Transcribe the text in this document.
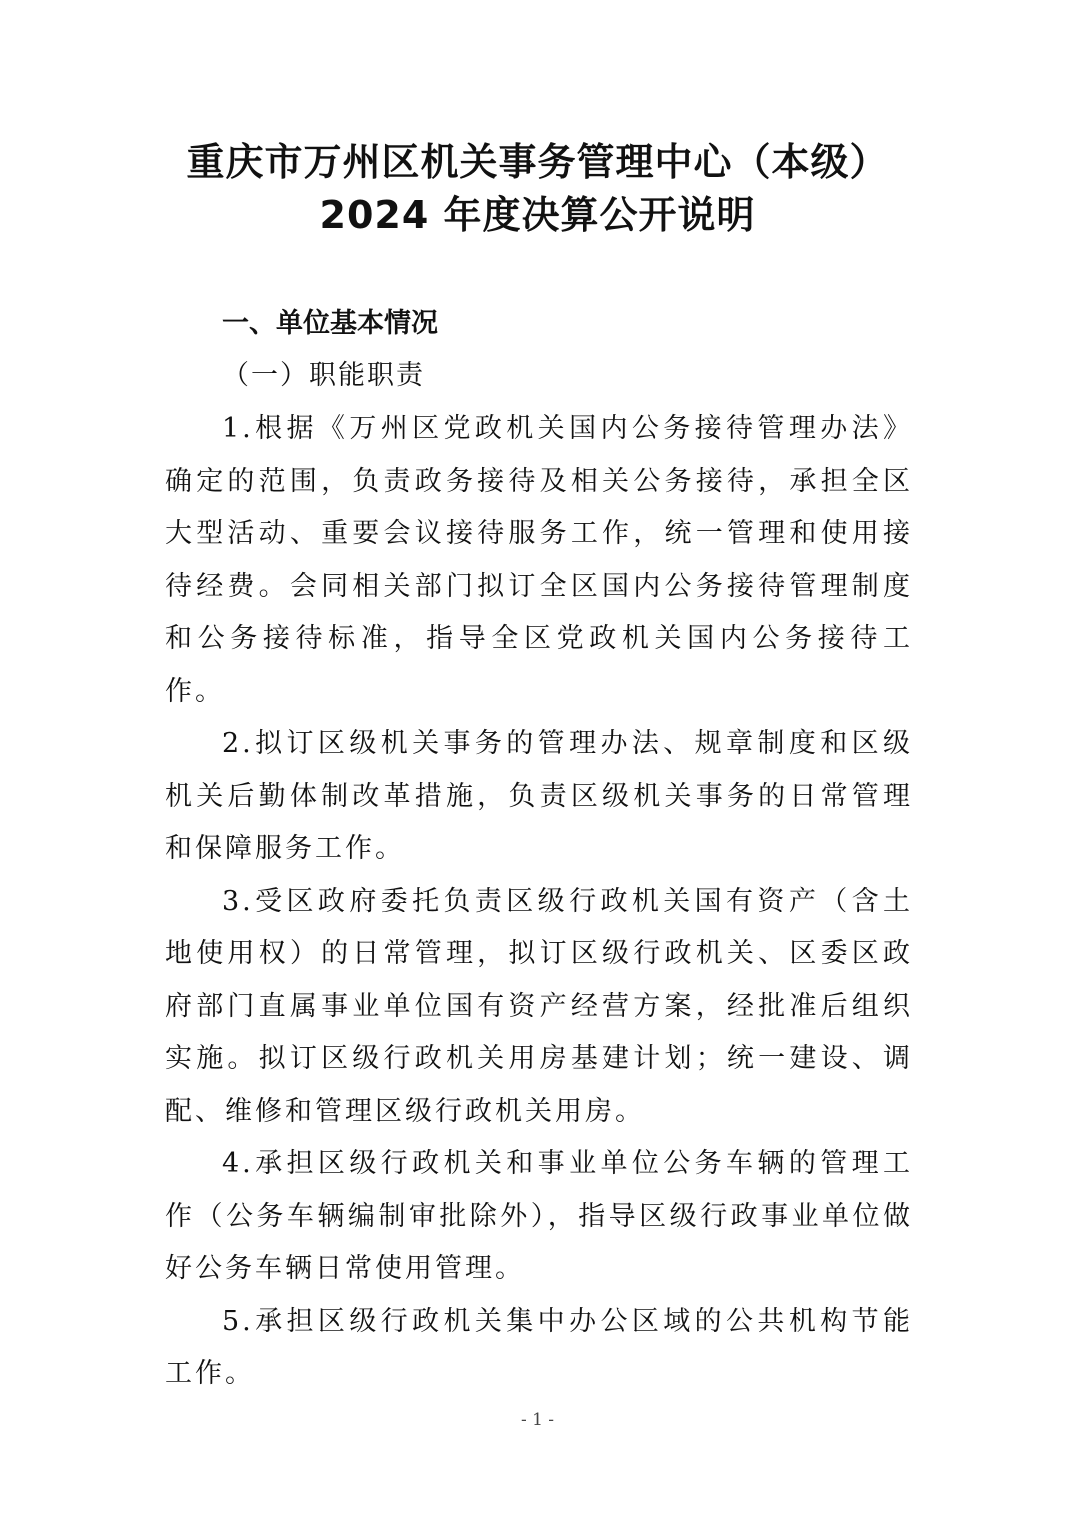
重庆市万州区机关事务管理中心（本级）
2024 年度决算公开说明
一、单位基本情况
（一）职能职责

1.根据《万州区党政机关国内公务接待管理办法》确定的范围，负责政务接待及相关公务接待，承担全区大型活动、重要会议接待服务工作，统一管理和使用接待经费。会同相关部门拟订全区国内公务接待管理制度和公务接待标准，指导全区党政机关国内公务接待工作。

2.拟订区级机关事务的管理办法、规章制度和区级机关后勤体制改革措施，负责区级机关事务的日常管理和保障服务工作。

3.受区政府委托负责区级行政机关国有资产（含土地使用权）的日常管理，拟订区级行政机关、区委区政府部门直属事业单位国有资产经营方案，经批准后组织实施。拟订区级行政机关用房基建计划；统一建设、调配、维修和管理区级行政机关用房。

4.承担区级行政机关和事业单位公务车辆的管理工作（公务车辆编制审批除外），指导区级行政事业单位做好公务车辆日常使用管理。

5.承担区级行政机关集中办公区域的公共机构节能工作。

- 1 -
